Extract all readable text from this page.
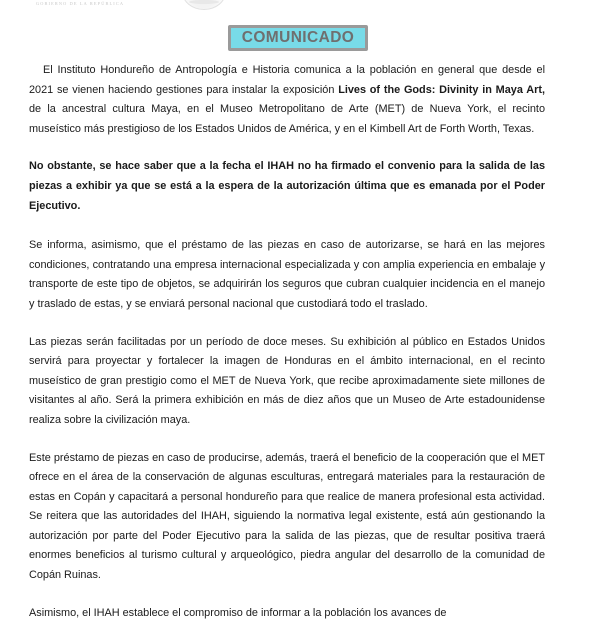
GOBIERNO DE LA REPÚBLICA
COMUNICADO

El Instituto Hondureño de Antropología e Historia comunica a la población en general que desde el 2021 se vienen haciendo gestiones para instalar la exposición Lives of the Gods: Divinity in Maya Art, de la ancestral cultura Maya, en el Museo Metropolitano de Arte (MET) de Nueva York, el recinto museístico más prestigioso de los Estados Unidos de América, y en el Kimbell Art de Forth Worth, Texas.

No obstante, se hace saber que a la fecha el IHAH no ha firmado el convenio para la salida de las piezas a exhibir ya que se está a la espera de la autorización última que es emanada por el Poder Ejecutivo.

Se informa, asimismo, que el préstamo de las piezas en caso de autorizarse, se hará en las mejores condiciones, contratando una empresa internacional especializada y con amplia experiencia en embalaje y transporte de este tipo de objetos, se adquirirán los seguros que cubran cualquier incidencia en el manejo y traslado de estas, y se enviará personal nacional que custodiará todo el traslado.

Las piezas serán facilitadas por un período de doce meses. Su exhibición al público en Estados Unidos servirá para proyectar y fortalecer la imagen de Honduras en el ámbito internacional, en el recinto museístico de gran prestigio como el MET de Nueva York, que recibe aproximadamente siete millones de visitantes al año. Será la primera exhibición en más de diez años que un Museo de Arte estadounidense realiza sobre la civilización maya.

Este préstamo de piezas en caso de producirse, además, traerá el beneficio de la cooperación que el MET ofrece en el área de la conservación de algunas esculturas, entregará materiales para la restauración de estas en Copán y capacitará a personal hondureño para que realice de manera profesional esta actividad. Se reitera que las autoridades del IHAH, siguiendo la normativa legal existente, está aún gestionando la autorización por parte del Poder Ejecutivo para la salida de las piezas, que de resultar positiva traerá enormes beneficios al turismo cultural y arqueológico, piedra angular del desarrollo de la comunidad de Copán Ruinas.

Asimismo, el IHAH establece el compromiso de informar a la población los avances de
